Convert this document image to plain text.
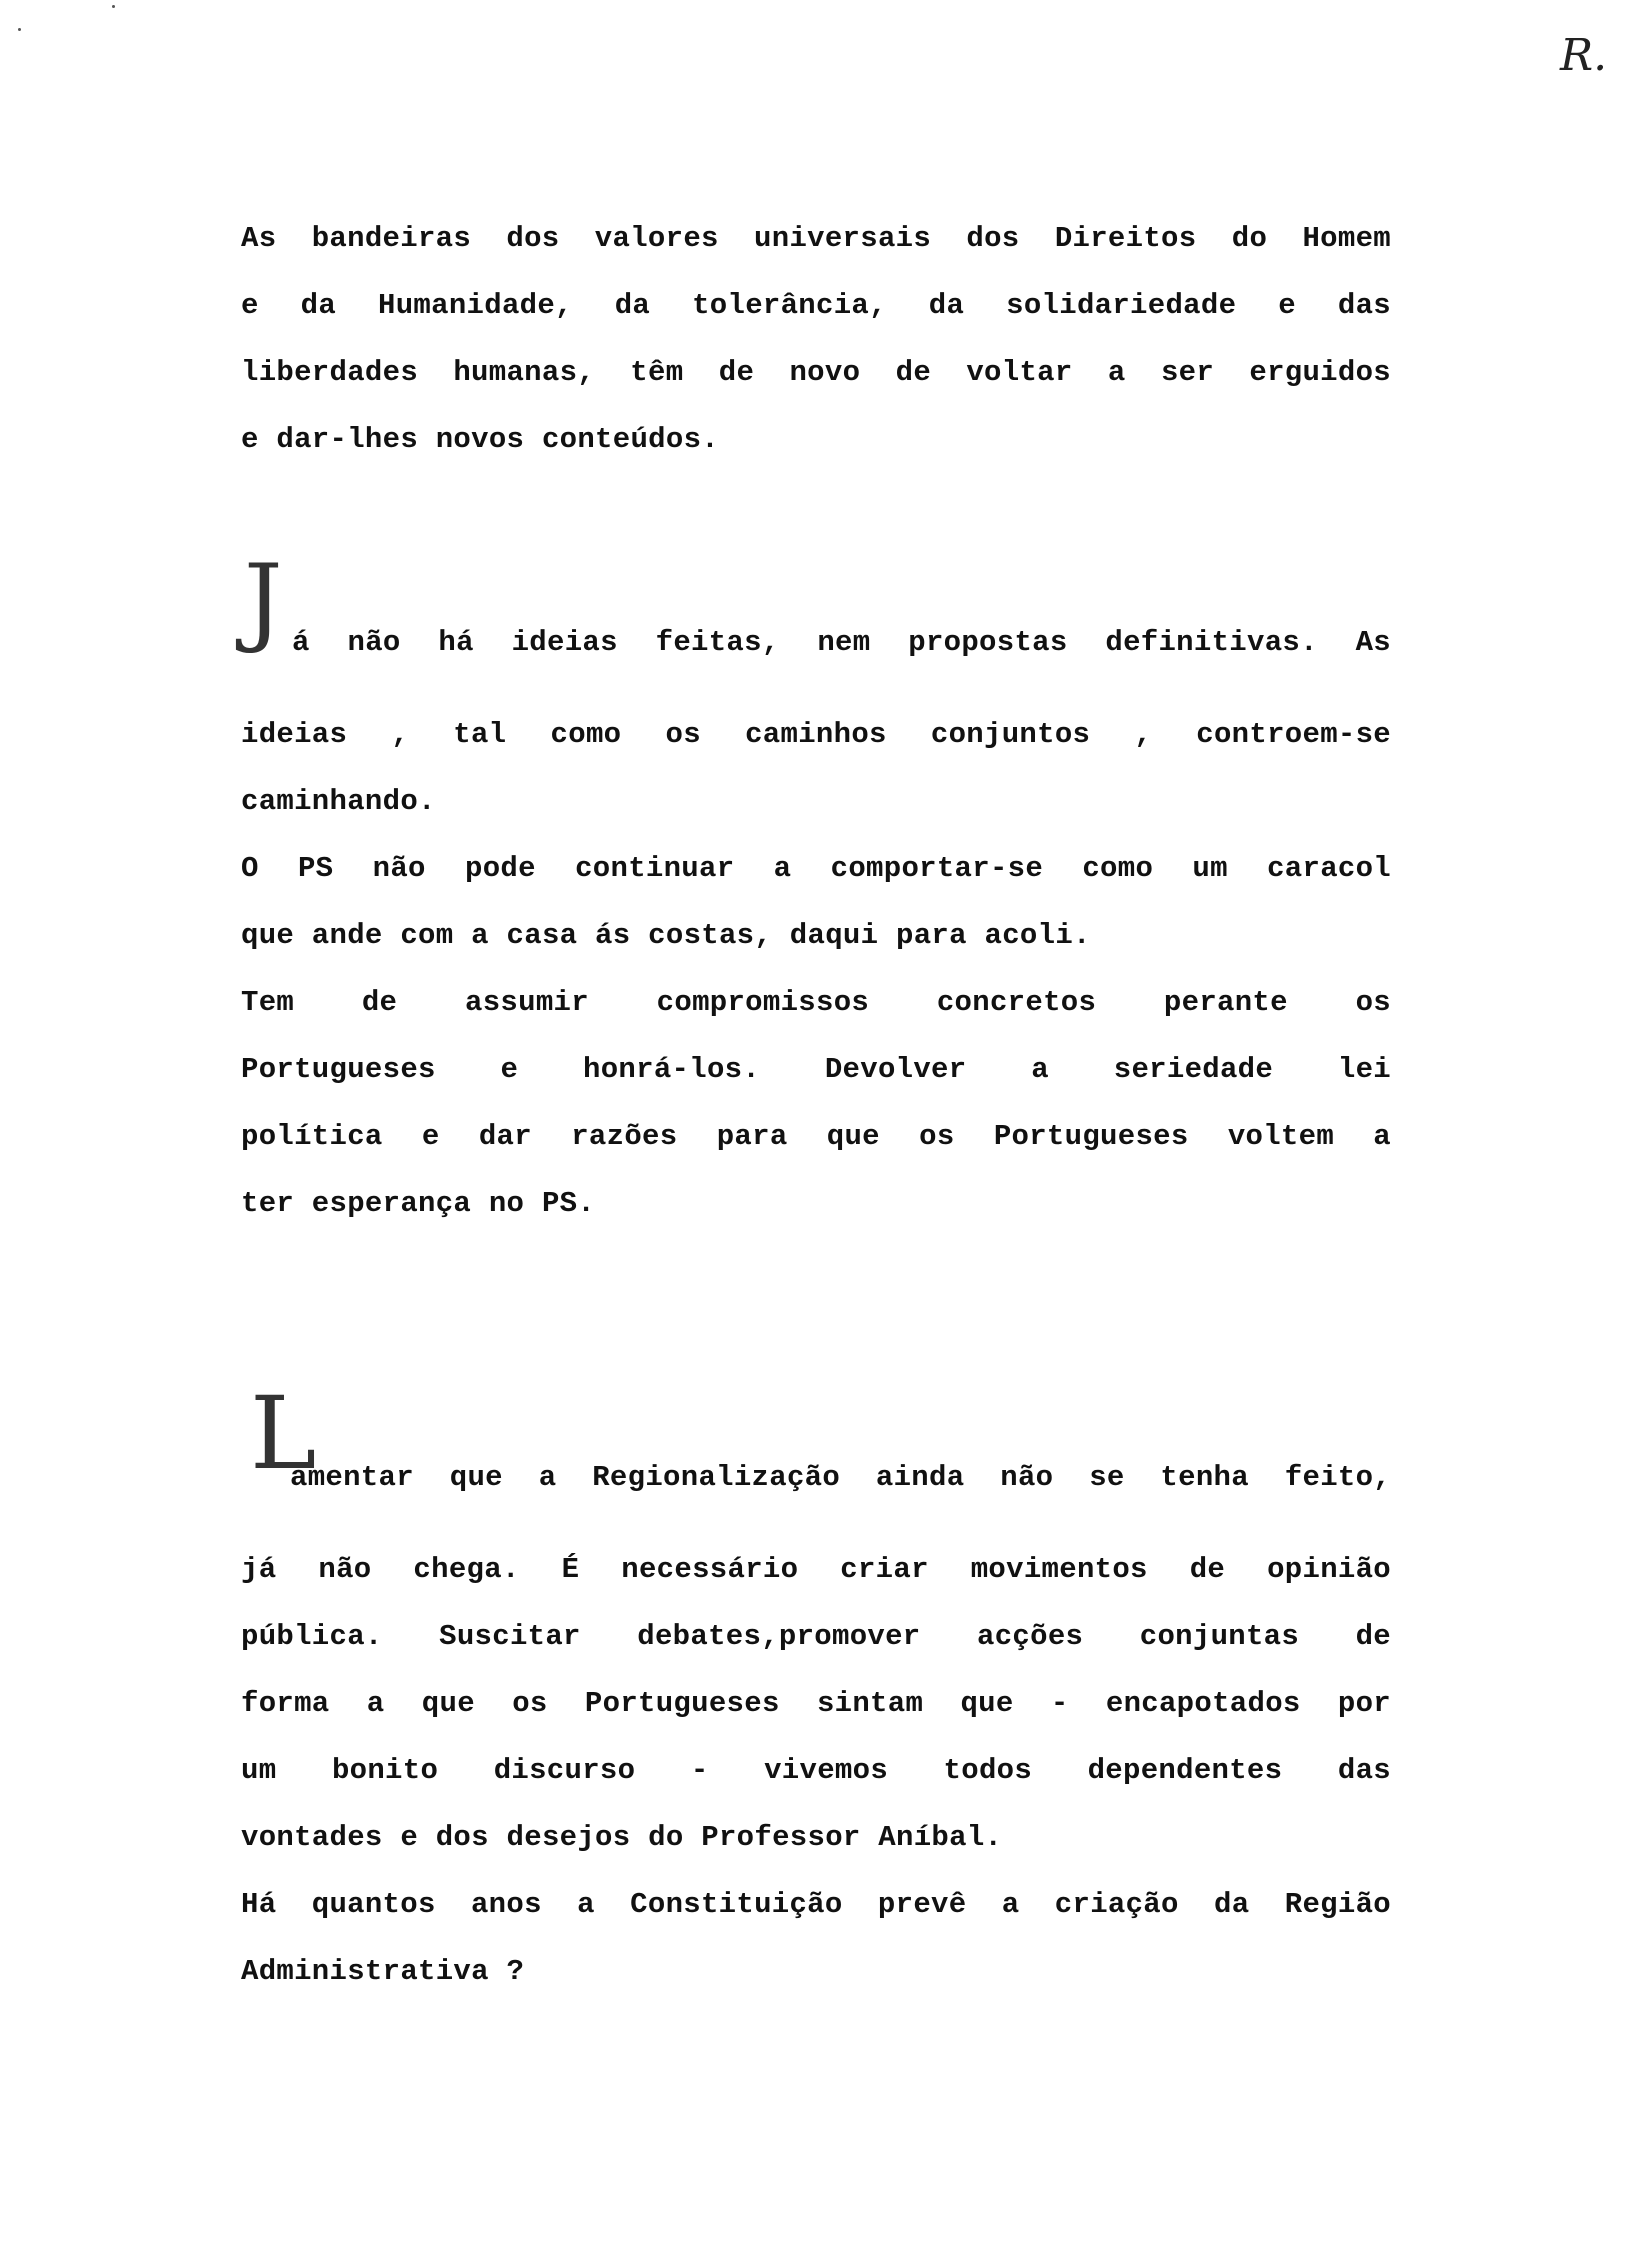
R.
As bandeiras dos valores universais dos Direitos do Homem
e da Humanidade, da tolerância, da solidariedade e das
liberdades humanas, têm de novo de voltar a ser erguidos
e dar-lhes novos conteúdos.
J á não há ideias feitas, nem propostas definitivas. As
ideias , tal como os caminhos conjuntos , controem-se
caminhando.
O PS não pode continuar a comportar-se como um caracol
que ande com a casa ás costas, daqui para acoli.
Tem de assumir compromissos concretos perante os
Portugueses e honrá-los. Devolver a seriedade lei
política e dar razões para que os Portugueses voltem a
ter esperança no PS.
L
amentar que a Regionalização ainda não se tenha feito,
já não chega. É necessário criar movimentos de opinião
pública. Suscitar debates,promover acções conjuntas de
forma a que os Portugueses sintam que - encapotados por
um bonito discurso - vivemos todos dependentes das
vontades e dos desejos do Professor Aníbal.
Há quantos anos a Constituição prevê a criação da Região
Administrativa ?
